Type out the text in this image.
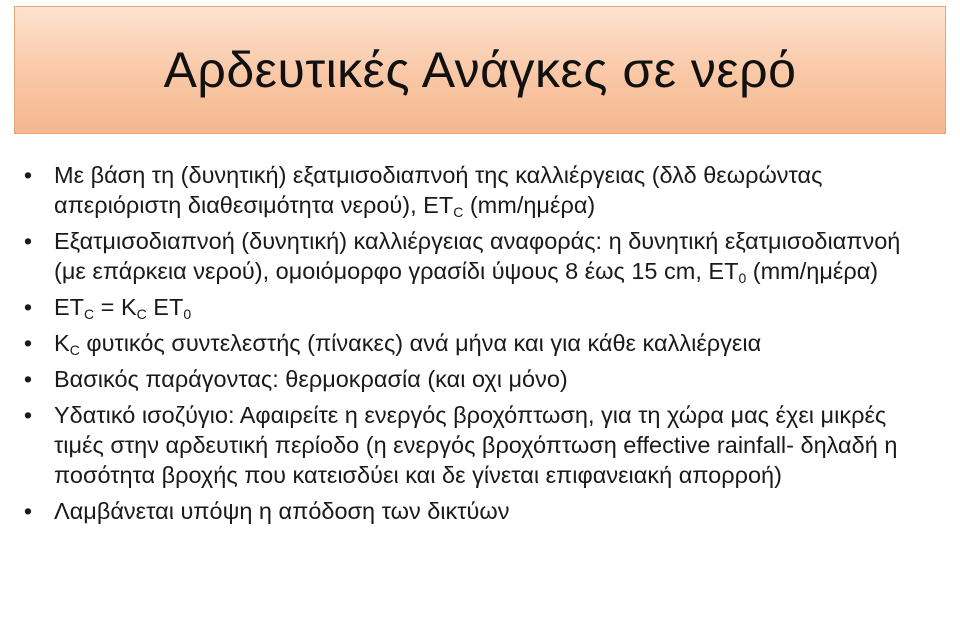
Αρδευτικές Ανάγκες σε νερό
• Με βάση τη (δυνητική) εξατμισοδιαπνοή της καλλιέργειας (δλδ θεωρώντας απεριόριστη διαθεσιμότητα νερού), $ET_C$ (mm/ημέρα)
• Εξατμισοδιαπνοή (δυνητική) καλλιέργειας αναφοράς: η δυνητική εξατμισοδιαπνοή (με επάρκεια νερού), ομοιόμορφο γρασίδι ύψους 8 έως 15 cm, $ET_0$ (mm/ημέρα)
• $ET_C = K_C$ $ET_0$
• $K_C$ φυτικός συντελεστής (πίνακες) ανά μήνα και για κάθε καλλιέργεια
• Βασικός παράγοντας: θερμοκρασία (και οχι μόνο)
• Υδατικό ισοζύγιο: Αφαιρείτε η ενεργός βροχόπτωση, για τη χώρα μας έχει μικρές τιμές στην αρδευτική περίοδο (η ενεργός βροχόπτωση effective rainfall- δηλαδή η ποσότητα βροχής που κατεισδύει και δε γίνεται επιφανειακή απορροή)
• Λαμβάνεται υπόψη η απόδοση των δικτύων
